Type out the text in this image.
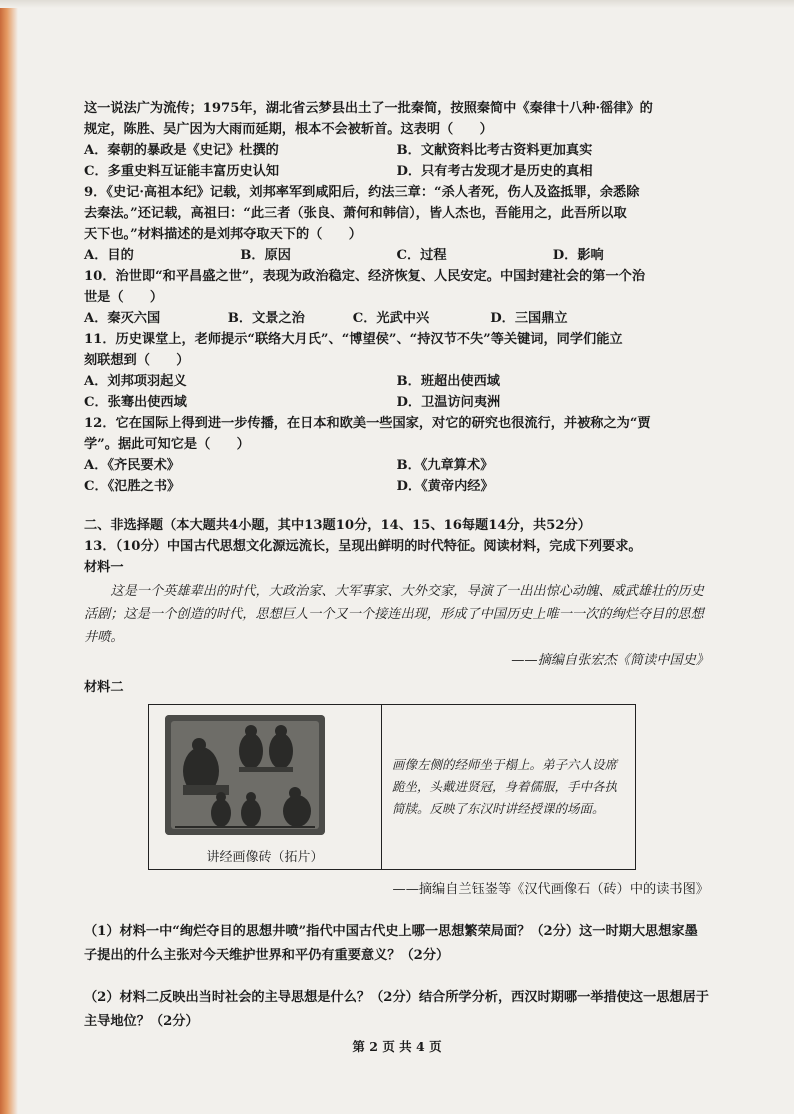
这一说法广为流传；1975年，湖北省云梦县出土了一批秦简，按照秦简中《秦律十八种·徭律》的

规定，陈胜、吴广因为大雨而延期，根本不会被斩首。这表明（　　）

A．秦朝的暴政是《史记》杜撰的	B．文献资料比考古资料更加真实
C．多重史料互证能丰富历史认知	D．只有考古发现才是历史的真相

9．《史记·高祖本纪》记载，刘邦率军到咸阳后，约法三章：“杀人者死，伤人及盗抵罪，余悉除

去秦法。”还记载，高祖曰：“此三者（张良、萧何和韩信），皆人杰也，吾能用之，此吾所以取

天下也。”材料描述的是刘邦夺取天下的（　　）

A．目的	B．原因	C．过程	D．影响

10．治世即“和平昌盛之世”，表现为政治稳定、经济恢复、人民安定。中国封建社会的第一个治

世是（　　）

A．秦灭六国	B．文景之治	C．光武中兴	D．三国鼎立

11．历史课堂上，老师提示“联络大月氏”、“博望侯”、“持汉节不失”等关键词，同学们能立

刻联想到（　　）

A．刘邦项羽起义	B．班超出使西域
C．张骞出使西域	D．卫温访问夷洲

12．它在国际上得到进一步传播，在日本和欧美一些国家，对它的研究也很流行，并被称之为“贾

学”。据此可知它是（　　）

A．《齐民要术》	B．《九章算术》
C．《氾胜之书》	D．《黄帝内经》

二、非选择题（本大题共4小题，其中13题10分，14、15、16每题14分，共52分）

13．（10分）中国古代思想文化源远流长，呈现出鲜明的时代特征。阅读材料，完成下列要求。

材料一

这是一个英雄辈出的时代，大政治家、大军事家、大外交家，导演了一出出惊心动魄、威武雄壮的历史活剧；这是一个创造的时代，思想巨人一个又一个接连出现，形成了中国历史上唯一一次的绚烂夺目的思想井喷。

——摘编自张宏杰《简读中国史》

材料二

讲经画像砖（拓片）

画像左侧的经师坐于榻上。弟子六人设席跪坐，头戴进贤冠，身着儒服，手中各执简牍。反映了东汉时讲经授课的场面。

——摘编自兰钰崟等《汉代画像石（砖）中的读书图》

（1）材料一中“绚烂夺目的思想井喷”指代中国古代史上哪一思想繁荣局面？（2分）这一时期大思想家墨子提出的什么主张对今天维护世界和平仍有重要意义？（2分）

（2）材料二反映出当时社会的主导思想是什么？（2分）结合所学分析，西汉时期哪一举措使这一思想居于主导地位？（2分）

第 2 页 共 4 页
